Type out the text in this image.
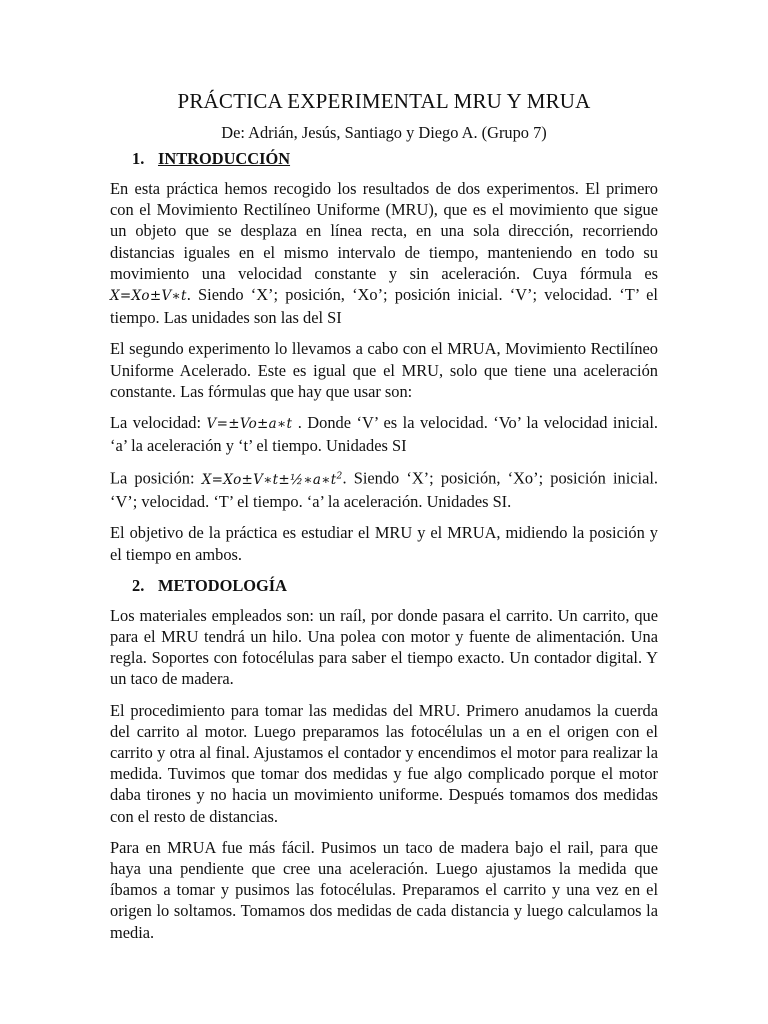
PRÁCTICA EXPERIMENTAL MRU Y MRUA
De: Adrián, Jesús, Santiago y Diego A. (Grupo 7)
1. INTRODUCCIÓN

En esta práctica hemos recogido los resultados de dos experimentos. El primero con el Movimiento Rectilíneo Uniforme (MRU), que es el movimiento que sigue un objeto que se desplaza en línea recta, en una sola dirección, recorriendo distancias iguales en el mismo intervalo de tiempo, manteniendo en todo su movimiento una velocidad constante y sin aceleración. Cuya fórmula es X=Xo±V∗t. Siendo ‘X’; posición, ‘Xo’; posición inicial. ‘V’; velocidad. ‘T’ el tiempo. Las unidades son las del SI

El segundo experimento lo llevamos a cabo con el MRUA, Movimiento Rectilíneo Uniforme Acelerado. Este es igual que el MRU, solo que tiene una aceleración constante. Las fórmulas que hay que usar son:

La velocidad: V=±Vo±a∗t . Donde ‘V’ es la velocidad. ‘Vo’ la velocidad inicial. ‘a’ la aceleración y ‘t’ el tiempo. Unidades SI

La posición: $X=Xo\pm V∗t\pm\frac{1}{2}∗a∗t^2$. Siendo ‘X’; posición, ‘Xo’; posición inicial. ‘V’; velocidad. ‘T’ el tiempo. ‘a’ la aceleración. Unidades SI.

El objetivo de la práctica es estudiar el MRU y el MRUA, midiendo la posición y el tiempo en ambos.

2. METODOLOGÍA

Los materiales empleados son: un raíl, por donde pasara el carrito. Un carrito, que para el MRU tendrá un hilo. Una polea con motor y fuente de alimentación. Una regla. Soportes con fotocélulas para saber el tiempo exacto. Un contador digital. Y un taco de madera.

El procedimiento para tomar las medidas del MRU. Primero anudamos la cuerda del carrito al motor. Luego preparamos las fotocélulas un a en el origen con el carrito y otra al final. Ajustamos el contador y encendimos el motor para realizar la medida. Tuvimos que tomar dos medidas y fue algo complicado porque el motor daba tirones y no hacia un movimiento uniforme. Después tomamos dos medidas con el resto de distancias.

Para en MRUA fue más fácil. Pusimos un taco de madera bajo el rail, para que haya una pendiente que cree una aceleración. Luego ajustamos la medida que íbamos a tomar y pusimos las fotocélulas. Preparamos el carrito y una vez en el origen lo soltamos. Tomamos dos medidas de cada distancia y luego calculamos la media.
